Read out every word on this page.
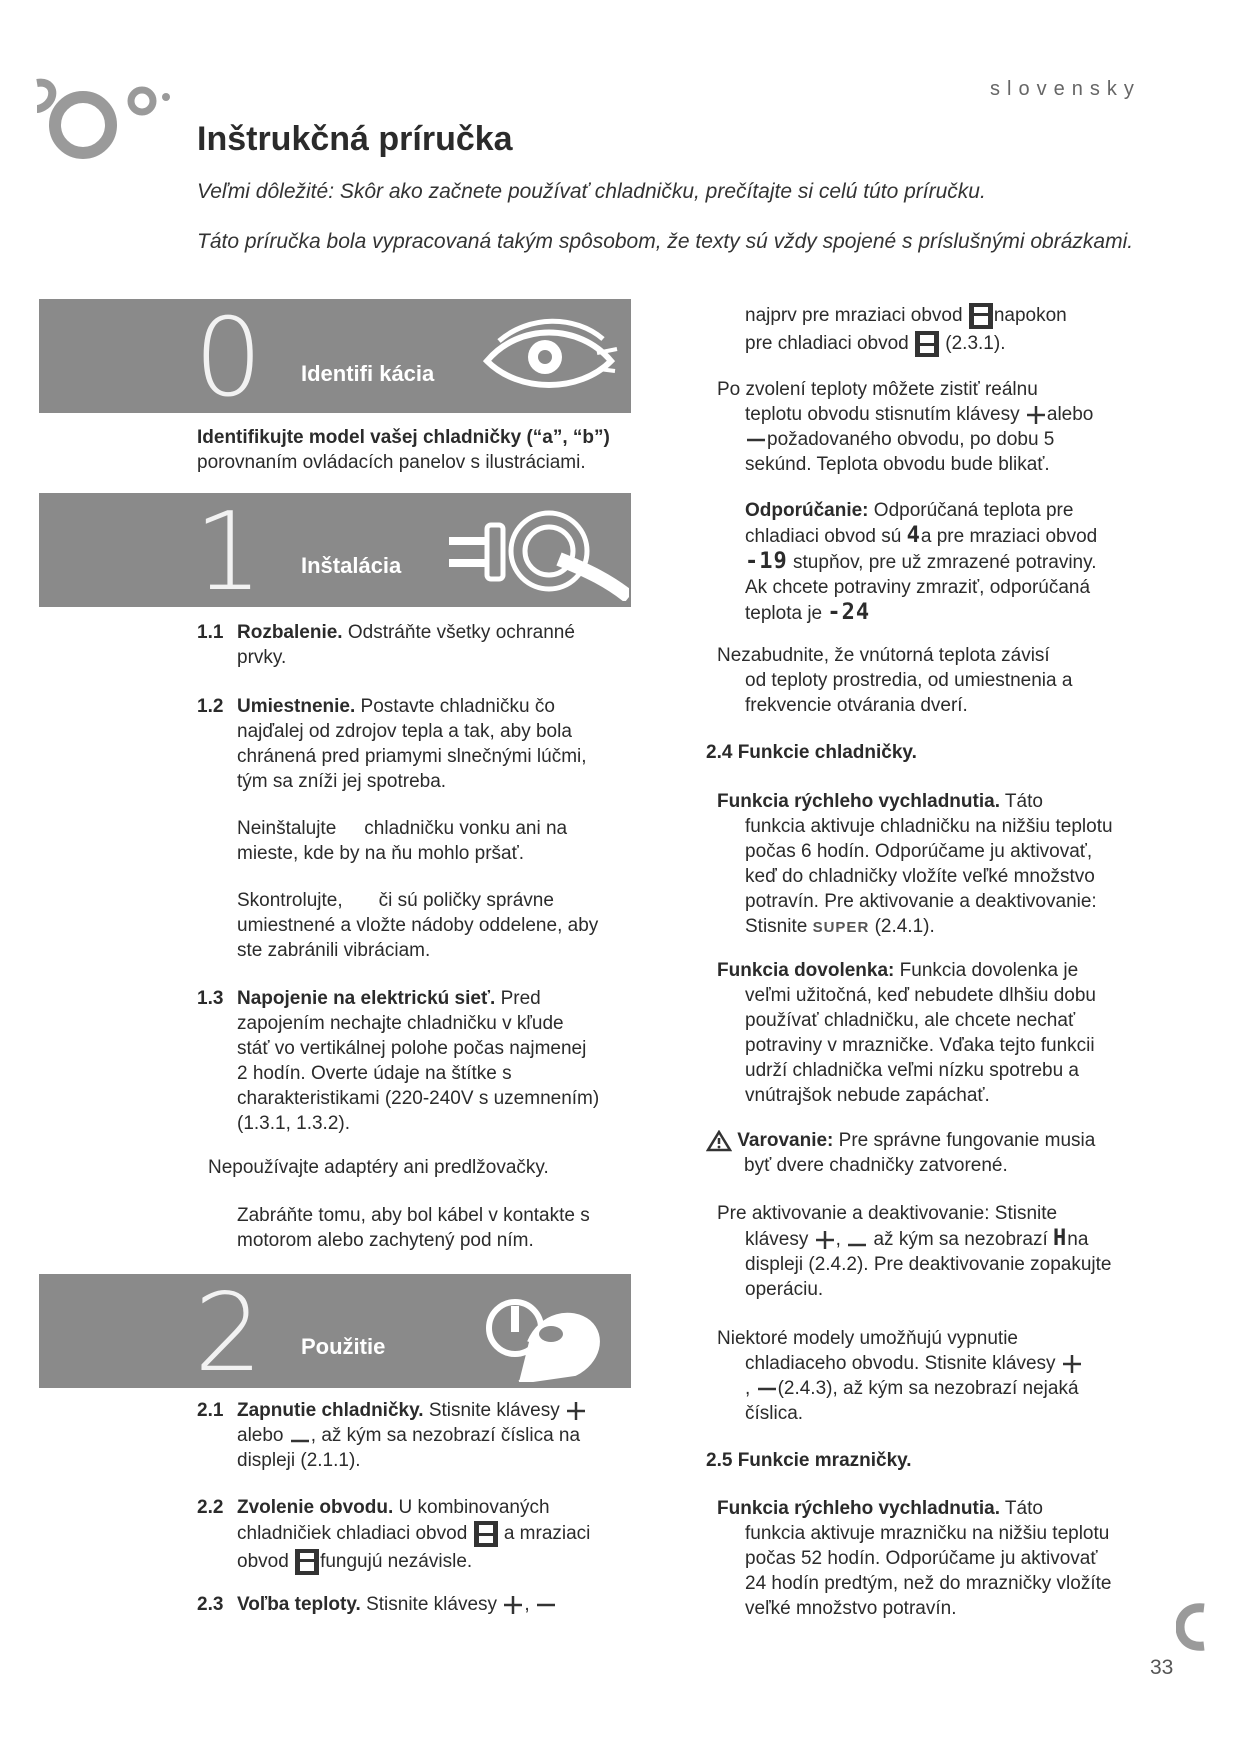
slovensky
Inštrukčná príručka
Veľmi dôležité: Skôr ako začnete používať chladničku, prečítajte si celú túto príručku.
Táto príručka bola vypracovaná takým spôsobom, že texty sú vždy spojené s príslušnými obrázkami.
0 Identifi kácia
Identifikujte model vašej chladničky (“a”, “b”)
porovnaním ovládacích panelov s ilustráciami.
1 Inštalácia
1.1 Rozbalenie. Odstráňte všetky ochranné
prvky.
1.2 Umiestnenie. Postavte chladničku čo
najďalej od zdrojov tepla a tak, aby bola
chránená pred priamymi slnečnými lúčmi,
tým sa zníži jej spotreba.
Neinštalujte chladničku vonku ani na
mieste, kde by na ňu mohlo pršať.
Skontrolujte, či sú poličky správne
umiestnené a vložte nádoby oddelene, aby
ste zabránili vibráciam.
1.3 Napojenie na elektrickú sieť. Pred
zapojením nechajte chladničku v kľude
stáť vo vertikálnej polohe počas najmenej
2 hodín. Overte údaje na štítke s
charakteristikami (220-240V s uzemnením)
(1.3.1, 1.3.2).
Nepoužívajte adaptéry ani predlžovačky.
Zabráňte tomu, aby bol kábel v kontakte s
motorom alebo zachytený pod ním.
2 Použitie
2.1 Zapnutie chladničky. Stisnite klávesy
alebo , až kým sa nezobrazí číslica na
displeji (2.1.1).
2.2 Zvolenie obvodu. U kombinovaných
chladničiek chladiaci obvod a mraziaci
obvod fungujú nezávisle.
2.3 Voľba teploty. Stisnite klávesy ,
najprv pre mraziaci obvod napokon
pre chladiaci obvod (2.3.1).
Po zvolení teploty môžete zistiť reálnu
teplotu obvodu stisnutím klávesy alebo
požadovaného obvodu, po dobu 5
sekúnd. Teplota obvodu bude blikať.
Odporúčanie: Odporúčaná teplota pre
chladiaci obvod sú 4a pre mraziaci obvod
-19 stupňov, pre už zmrazené potraviny.
Ak chcete potraviny zmraziť, odporúčaná
teplota je -24
Nezabudnite, že vnútorná teplota závisí
od teploty prostredia, od umiestnenia a
frekvencie otvárania dverí.
2.4 Funkcie chladničky.
Funkcia rýchleho vychladnutia. Táto
funkcia aktivuje chladničku na nižšiu teplotu
počas 6 hodín. Odporúčame ju aktivovať,
keď do chladničky vložíte veľké množstvo
potravín. Pre aktivovanie a deaktivovanie:
Stisnite SUPER (2.4.1).
Funkcia dovolenka: Funkcia dovolenka je
veľmi užitočná, keď nebudete dlhšiu dobu
používať chladničku, ale chcete nechať
potraviny v mrazničke. Vďaka tejto funkcii
udrží chladnička veľmi nízku spotrebu a
vnútrajšok nebude zapáchať.
Varovanie: Pre správne fungovanie musia
byť dvere chadničky zatvorené.
Pre aktivovanie a deaktivovanie: Stisnite
klávesy , až kým sa nezobrazí Hna
displeji (2.4.2). Pre deaktivovanie zopakujte
operáciu.
Niektoré modely umožňujú vypnutie
chladiaceho obvodu. Stisnite klávesy
, (2.4.3), až kým sa nezobrazí nejaká
číslica.
2.5 Funkcie mrazničky.
Funkcia rýchleho vychladnutia. Táto
funkcia aktivuje mrazničku na nižšiu teplotu
počas 52 hodín. Odporúčame ju aktivovať
24 hodín predtým, než do mrazničky vložíte
veľké množstvo potravín.
33
